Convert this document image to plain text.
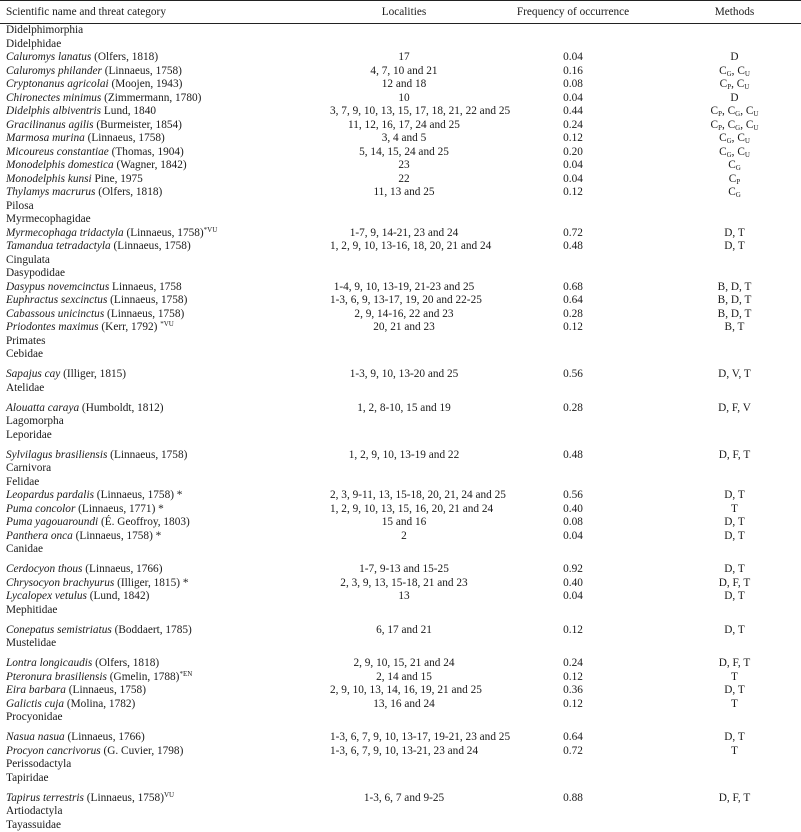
Scientific name and threat category	Localities	Frequency of occurrence	Methods
Didelphimorphia			
Didelphidae			
Caluromys lanatus (Olfers, 1818)	17	0.04	D
Caluromys philander (Linnaeus, 1758)	4, 7, 10 and 21	0.16	$C_G$, $C_U$
Cryptonanus agricolai (Moojen, 1943)	12 and 18	0.08	$C_P$, $C_U$
Chironectes minimus (Zimmermann, 1780)	10	0.04	D
Didelphis albiventris Lund, 1840	3, 7, 9, 10, 13, 15, 17, 18, 21, 22 and 25	0.44	$C_P$, $C_G$, $C_U$
Gracilinanus agilis (Burmeister, 1854)	11, 12, 16, 17, 24 and 25	0.24	$C_P$, $C_G$, $C_U$
Marmosa murina (Linnaeus, 1758)	3, 4 and 5	0.12	$C_G$, $C_U$
Micoureus constantiae (Thomas, 1904)	5, 14, 15, 24 and 25	0.20	$C_G$, $C_U$
Monodelphis domestica (Wagner, 1842)	23	0.04	$C_G$
Monodelphis kunsi Pine, 1975	22	0.04	$C_P$
Thylamys macrurus (Olfers, 1818)	11, 13 and 25	0.12	$C_G$
Pilosa			
Myrmecophagidae			
Myrmecophaga tridactyla (Linnaeus, 1758)$^{*VU}$	1-7, 9, 14-21, 23 and 24	0.72	D, T
Tamandua tetradactyla (Linnaeus, 1758)	1, 2, 9, 10, 13-16, 18, 20, 21 and 24	0.48	D, T
Cingulata			
Dasypodidae			
Dasypus novemcinctus Linnaeus, 1758	1-4, 9, 10, 13-19, 21-23 and 25	0.68	B, D, T
Euphractus sexcinctus (Linnaeus, 1758)	1-3, 6, 9, 13-17, 19, 20 and 22-25	0.64	B, D, T
Cabassous unicinctus (Linnaeus, 1758)	2, 9, 14-16, 22 and 23	0.28	B, D, T
Priodontes maximus (Kerr, 1792) $^{*VU}$	20, 21 and 23	0.12	B, T
Primates			
Cebidae			

Sapajus cay (Illiger, 1815)	1-3, 9, 10, 13-20 and 25	0.56	D, V, T
Atelidae			

Alouatta caraya (Humboldt, 1812)	1, 2, 8-10, 15 and 19	0.28	D, F, V
Lagomorpha			
Leporidae			

Sylvilagus brasiliensis (Linnaeus, 1758)	1, 2, 9, 10, 13-19 and 22	0.48	D, F, T
Carnivora			
Felidae			
Leopardus pardalis (Linnaeus, 1758) *	2, 3, 9-11, 13, 15-18, 20, 21, 24 and 25	0.56	D, T
Puma concolor (Linnaeus, 1771) *	1, 2, 9, 10, 13, 15, 16, 20, 21 and 24	0.40	T
Puma yagouaroundi (É. Geoffroy, 1803)	15 and 16	0.08	D, T
Panthera onca (Linnaeus, 1758) *	2	0.04	D, T
Canidae			

Cerdocyon thous (Linnaeus, 1766)	1-7, 9-13 and 15-25	0.92	D, T
Chrysocyon brachyurus (Illiger, 1815) *	2, 3, 9, 13, 15-18, 21 and 23	0.40	D, F, T
Lycalopex vetulus (Lund, 1842)	13	0.04	D, T
Mephitidae			

Conepatus semistriatus (Boddaert, 1785)	6, 17 and 21	0.12	D, T
Mustelidae			

Lontra longicaudis (Olfers, 1818)	2, 9, 10, 15, 21 and 24	0.24	D, F, T
Pteronura brasiliensis (Gmelin, 1788)$^{*EN}$	2, 14 and 15	0.12	T
Eira barbara (Linnaeus, 1758)	2, 9, 10, 13, 14, 16, 19, 21 and 25	0.36	D, T
Galictis cuja (Molina, 1782)	13, 16 and 24	0.12	T
Procyonidae			

Nasua nasua (Linnaeus, 1766)	1-3, 6, 7, 9, 10, 13-17, 19-21, 23 and 25	0.64	D, T
Procyon cancrivorus (G. Cuvier, 1798)	1-3, 6, 7, 9, 10, 13-21, 23 and 24	0.72	T
Perissodactyla			
Tapiridae			

Tapirus terrestris (Linnaeus, 1758)$^{VU}$	1-3, 6, 7 and 9-25	0.88	D, F, T
Artiodactyla			
Tayassuidae			
